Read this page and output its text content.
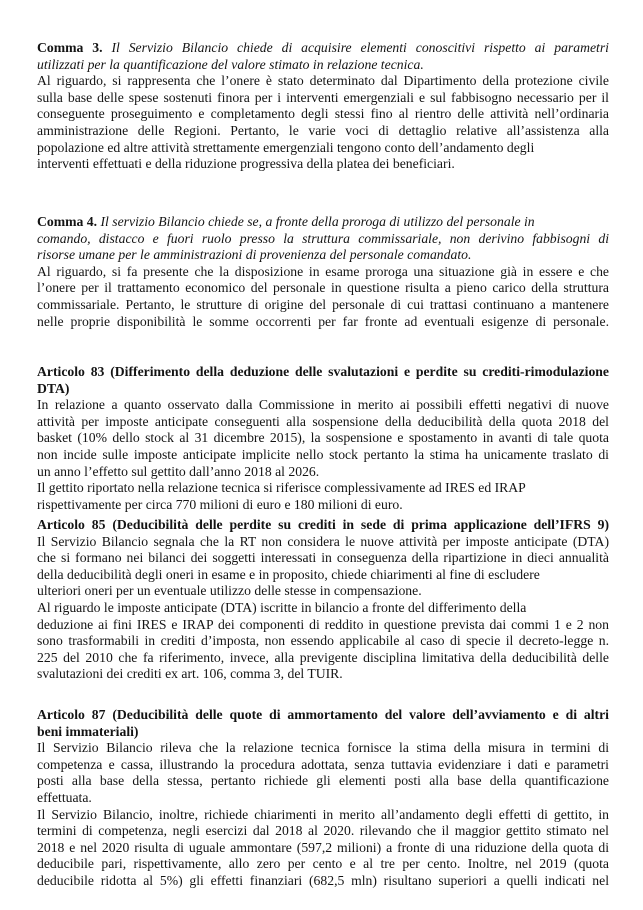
Comma 3. Il Servizio Bilancio chiede di acquisire elementi conoscitivi rispetto ai parametri
utilizzati per la quantificazione del valore stimato in relazione tecnica.
Al riguardo, si rappresenta che l’onere è stato determinato dal Dipartimento della protezione civile
sulla base delle spese sostenuti finora per i interventi emergenziali e sul fabbisogno necessario per il
conseguente proseguimento e completamento degli stessi fino al rientro delle attività nell’ordinaria
amministrazione delle Regioni. Pertanto, le varie voci di dettaglio relative all’assistenza alla
popolazione ed altre attività strettamente emergenziali tengono conto dell’andamento degli
interventi effettuati e della riduzione progressiva della platea dei beneficiari.
Comma 4. Il servizio Bilancio chiede se, a fronte della proroga di utilizzo del personale in
comando, distacco e fuori ruolo presso la struttura commissariale, non derivino fabbisogni di
risorse umane per le amministrazioni di provenienza del personale comandato.
Al riguardo, si fa presente che la disposizione in esame proroga una situazione già in essere e che
l’onere per il trattamento economico del personale in questione risulta a pieno carico della struttura
commissariale. Pertanto, le strutture di origine del personale di cui trattasi continuano a mantenere
nelle proprie disponibilità le somme occorrenti per far fronte ad eventuali esigenze di personale.
Articolo 83 (Differimento della deduzione delle svalutazioni e perdite su crediti-rimodulazione
DTA)
In relazione a quanto osservato dalla Commissione in merito ai possibili effetti negativi di nuove
attività per imposte anticipate conseguenti alla sospensione della deducibilità della quota 2018 del
basket (10% dello stock al 31 dicembre 2015), la sospensione e spostamento in avanti di tale quota
non incide sulle imposte anticipate implicite nello stock pertanto la stima ha unicamente traslato di
un anno l’effetto sul gettito dall’anno 2018 al 2026.
Il gettito riportato nella relazione tecnica si riferisce complessivamente ad IRES ed IRAP
rispettivamente per circa 770 milioni di euro e 180 milioni di euro.
Articolo 85 (Deducibilità delle perdite su crediti in sede di prima applicazione dell’IFRS 9)
Il Servizio Bilancio segnala che la RT non considera le nuove attività per imposte anticipate (DTA)
che si formano nei bilanci dei soggetti interessati in conseguenza della ripartizione in dieci annualità
della deducibilità degli oneri in esame e in proposito, chiede chiarimenti al fine di escludere
ulteriori oneri per un eventuale utilizzo delle stesse in compensazione.
Al riguardo le imposte anticipate (DTA) iscritte in bilancio a fronte del differimento della
deduzione ai fini IRES e IRAP dei componenti di reddito in questione prevista dai commi 1 e 2 non
sono trasformabili in crediti d’imposta, non essendo applicabile al caso di specie il decreto-legge n.
225 del 2010 che fa riferimento, invece, alla previgente disciplina limitativa della deducibilità delle
svalutazioni dei crediti ex art. 106, comma 3, del TUIR.
Articolo 87 (Deducibilità delle quote di ammortamento del valore dell’avviamento e di altri
beni immateriali)
Il Servizio Bilancio rileva che la relazione tecnica fornisce la stima della misura in termini di
competenza e cassa, illustrando la procedura adottata, senza tuttavia evidenziare i dati e parametri
posti alla base della stessa, pertanto richiede gli elementi posti alla base della quantificazione
effettuata.
Il Servizio Bilancio, inoltre, richiede chiarimenti in merito all’andamento degli effetti di gettito, in
termini di competenza, negli esercizi dal 2018 al 2020. rilevando che il maggior gettito stimato nel
2018 e nel 2020 risulta di uguale ammontare (597,2 milioni) a fronte di una riduzione della quota di
deducibile pari, rispettivamente, allo zero per cento e al tre per cento. Inoltre, nel 2019 (quota
deducibile ridotta al 5%) gli effetti finanziari (682,5 mln) risultano superiori a quelli indicati nel
